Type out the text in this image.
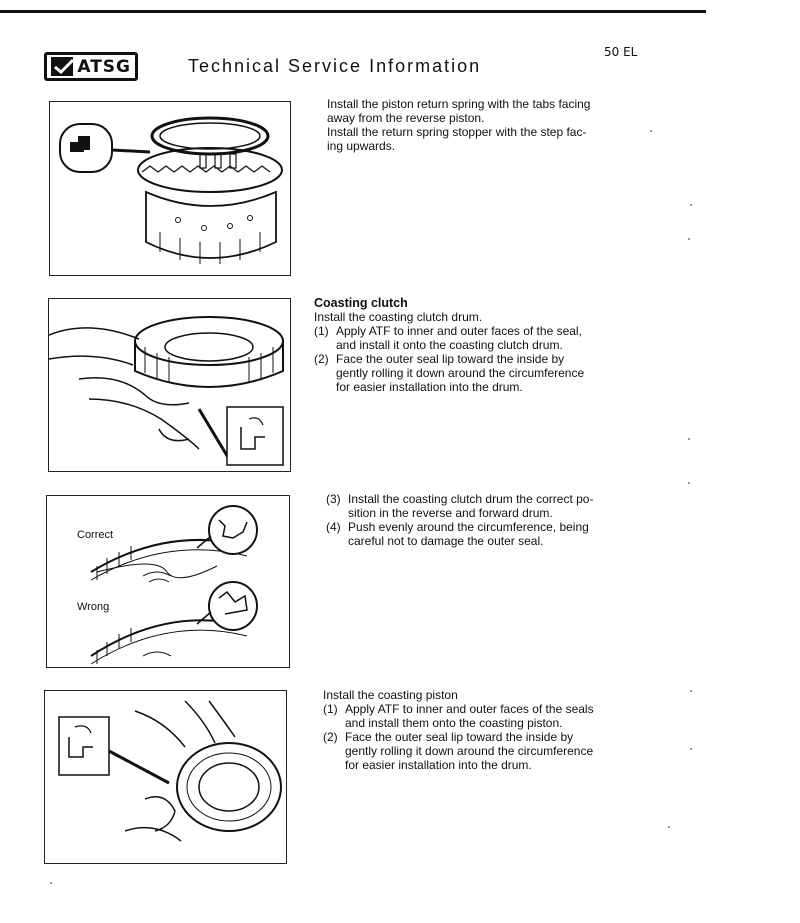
ATSG	Technical Service Information
50 EL

Install the piston return spring with the tabs facing

away from the reverse piston.

Install the return spring stopper with the step fac-

ing upwards.

Coasting clutch

Install the coasting clutch drum.

(1) Apply ATF to inner and outer faces of the seal,
and install it onto the coasting clutch drum.
(2) Face the outer seal lip toward the inside by
gently rolling it down around the circumference
for easier installation into the drum.
Correct
Wrong
(3) Install the coasting clutch drum the correct po-
sition in the reverse and forward drum.
(4) Push evenly around the circumference, being
careful not to damage the outer seal.

Install the coasting piston

(1) Apply ATF to inner and outer faces of the seals
and install them onto the coasting piston.
(2) Face the outer seal lip toward the inside by
gently rolling it down around the circumference
for easier installation into the drum.
